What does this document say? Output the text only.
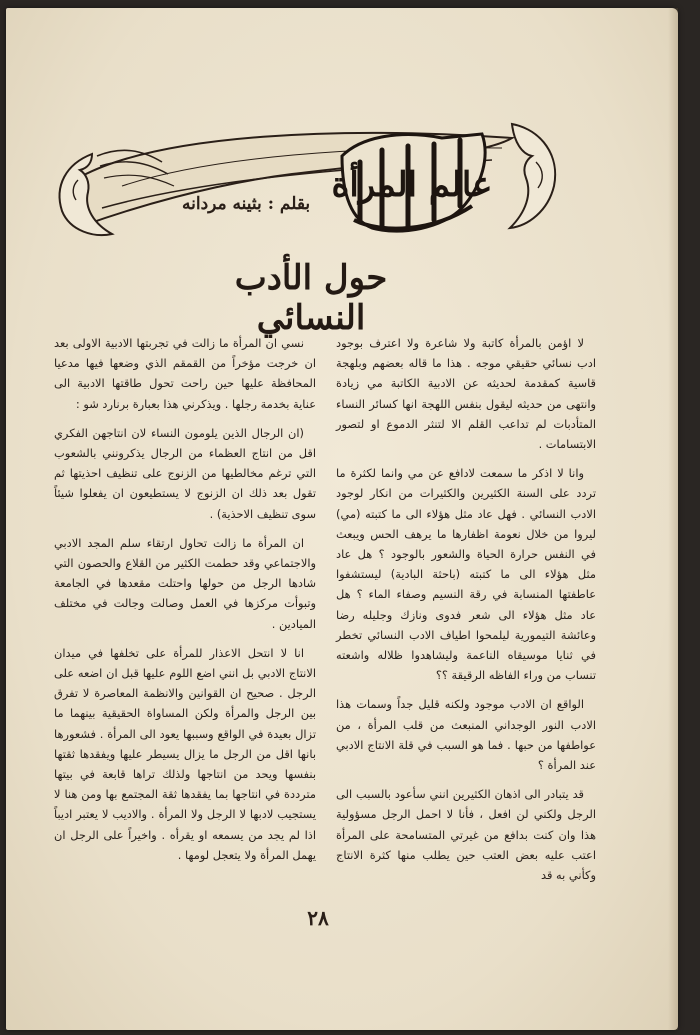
عالم المرأة
بقلم : بثينه مردانه
حول الأدب النسائي

لا اؤمن بالمرأة كاتبة ولا شاعرة ولا اعترف بوجود ادب نسائي حقيقي موجه . هذا ما قاله بعضهم وبلهجة قاسية كمقدمة لحديثه عن الادبية الكاتبة مي زيادة وانتهى من حديثه ليقول بنفس اللهجة انها كسائر النساء المتأدبات لم تداعب القلم الا لتنثر الدموع او لتصور الابتسامات .

وانا لا اذكر ما سمعت لادافع عن مي وانما لكثرة ما تردد على السنة الكثيرين والكثيرات من انكار لوجود الادب النسائي . فهل عاد مثل هؤلاء الى ما كتبته (مي) ليروا من خلال نعومة اظفارها ما يرهف الحس ويبعث في النفس حرارة الحياة والشعور بالوجود ؟ هل عاد مثل هؤلاء الى ما كتبته (باحثة البادية) ليستشفوا عاطفتها المنسابة في رقة النسيم وصفاء الماء ؟ هل عاد مثل هؤلاء الى شعر فدوى ونازك وجليله رضا وعائشة التيمورية ليلمحوا اطياف الادب النسائي تخطر في ثنايا موسيقاه الناعمة وليشاهدوا ظلاله واشعته تنساب من وراء الفاظه الرقيقة ؟؟

الواقع ان الادب موجود ولكنه قليل جداً وسمات هذا الادب النور الوجداني المنبعث من قلب المرأة ، من عواطفها من حبها . فما هو السبب في قلة الانتاج الادبي عند المرأة ؟

قد يتبادر الى اذهان الكثيرين انني سأعود بالسبب الى الرجل ولكني لن افعل ، فأنا لا احمل الرجل مسؤولية هذا وان كنت بدافع من غيرتي المتسامحة على المرأة اعتب عليه بعض العتب حين يطلب منها كثرة الانتاج وكأني به قد

نسي ان المرأة ما زالت في تجربتها الادبية الاولى بعد ان خرجت مؤخراً من القمقم الذي وضعها فيها مدعيا المحافظة عليها حين راحت تحول طاقتها الادبية الى عناية بخدمة رجلها . ويذكرني هذا بعبارة برنارد شو :

(ان الرجال الذين يلومون النساء لان انتاجهن الفكري اقل من انتاج العظماء من الرجال يذكرونني بالشعوب التي ترغم مخالطيها من الزنوج على تنظيف احذيتها ثم تقول بعد ذلك ان الزنوج لا يستطيعون ان يفعلوا شيئاً سوى تنظيف الاحذية) .

ان المرأة ما زالت تحاول ارتقاء سلم المجد الادبي والاجتماعي وقد حطمت الكثير من القلاع والحصون التي شادها الرجل من حولها واحتلت مقعدها في الجامعة وتبوأت مركزها في العمل وصالت وجالت في مختلف الميادين .

انا لا انتحل الاعذار للمرأة على تخلفها في ميدان الانتاج الادبي بل انني اضع اللوم عليها قبل ان اضعه على الرجل . صحيح ان القوانين والانظمة المعاصرة لا تفرق بين الرجل والمرأة ولكن المساواة الحقيقية بينهما ما تزال بعيدة في الواقع وسببها يعود الى المرأة . فشعورها بانها اقل من الرجل ما يزال يسيطر عليها ويفقدها ثقتها بنفسها ويحد من انتاجها ولذلك تراها قابعة في بيتها مترددة في انتاجها بما يفقدها ثقة المجتمع بها ومن هنا لا يستجيب لادبها لا الرجل ولا المرأة . والاديب لا يعتبر اديباً اذا لم يجد من يسمعه او يقرأه . واخيراً على الرجل ان يهمل المرأة ولا يتعجل لومها .

٢٨
